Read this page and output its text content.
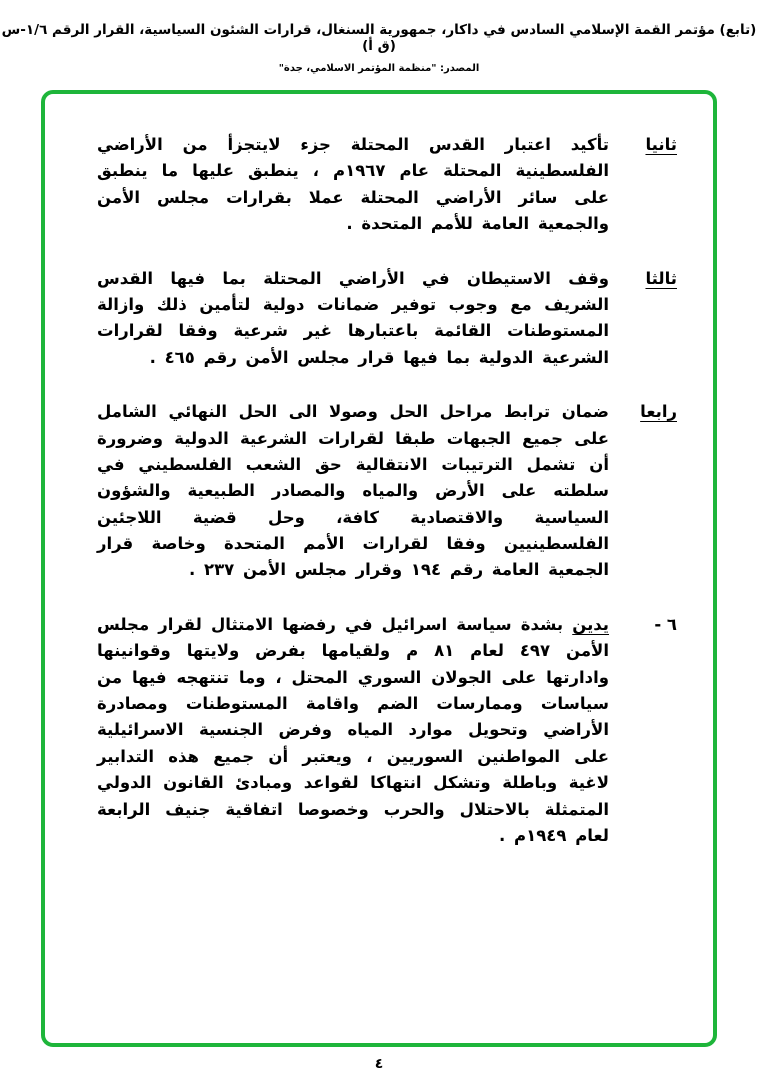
(تابع) مؤتمر القمة الإسلامي السادس في داكار، جمهورية السنغال، قرارات الشئون السياسية، القرار الرقم ١/٦-س (ق أ)
المصدر: "منظمة المؤتمر الاسلامي، جدة"
ثانيا

تأكيد اعتبار القدس المحتلة جزء لايتجزأ من الأراضي الفلسطينية المحتلة عام ١٩٦٧م ، ينطبق عليها ما ينطبق على سائر الأراضي المحتلة عملا بقرارات مجلس الأمن والجمعية العامة للأمم المتحدة .

ثالثا

وقف الاستيطان في الأراضي المحتلة بما فيها القدس الشريف مع وجوب توفير ضمانات دولية لتأمين ذلك وازالة المستوطنات القائمة باعتبارها غير شرعية وفقا لقرارات الشرعية الدولية بما فيها قرار مجلس الأمن رقم ٤٦٥ .

رابعا

ضمان ترابط مراحل الحل وصولا الى الحل النهائي الشامل على جميع الجبهات طبقا لقرارات الشرعية الدولية وضرورة أن تشمل الترتيبات الانتقالية حق الشعب الفلسطيني في سلطته على الأرض والمياه والمصادر الطبيعية والشؤون السياسية والاقتصادية كافة، وحل قضية اللاجئين الفلسطينيين وفقا لقرارات الأمم المتحدة وخاصة قرار الجمعية العامة رقم ١٩٤ وقرار مجلس الأمن ٢٣٧ .

٦ -

يدين بشدة سياسة اسرائيل في رفضها الامتثال لقرار مجلس الأمن ٤٩٧ لعام ٨١ م ولقيامها بفرض ولايتها وقوانينها وادارتها على الجولان السوري المحتل ، وما تنتهجه فيها من سياسات وممارسات الضم واقامة المستوطنات ومصادرة الأراضي وتحويل موارد المياه وفرض الجنسية الاسرائيلية على المواطنين السوريين ، ويعتبر أن جميع هذه التدابير لاغية وباطلة وتشكل انتهاكا لقواعد ومبادئ القانون الدولي المتمثلة بالاحتلال والحرب وخصوصا اتفاقية جنيف الرابعة لعام ١٩٤٩م .

٤
